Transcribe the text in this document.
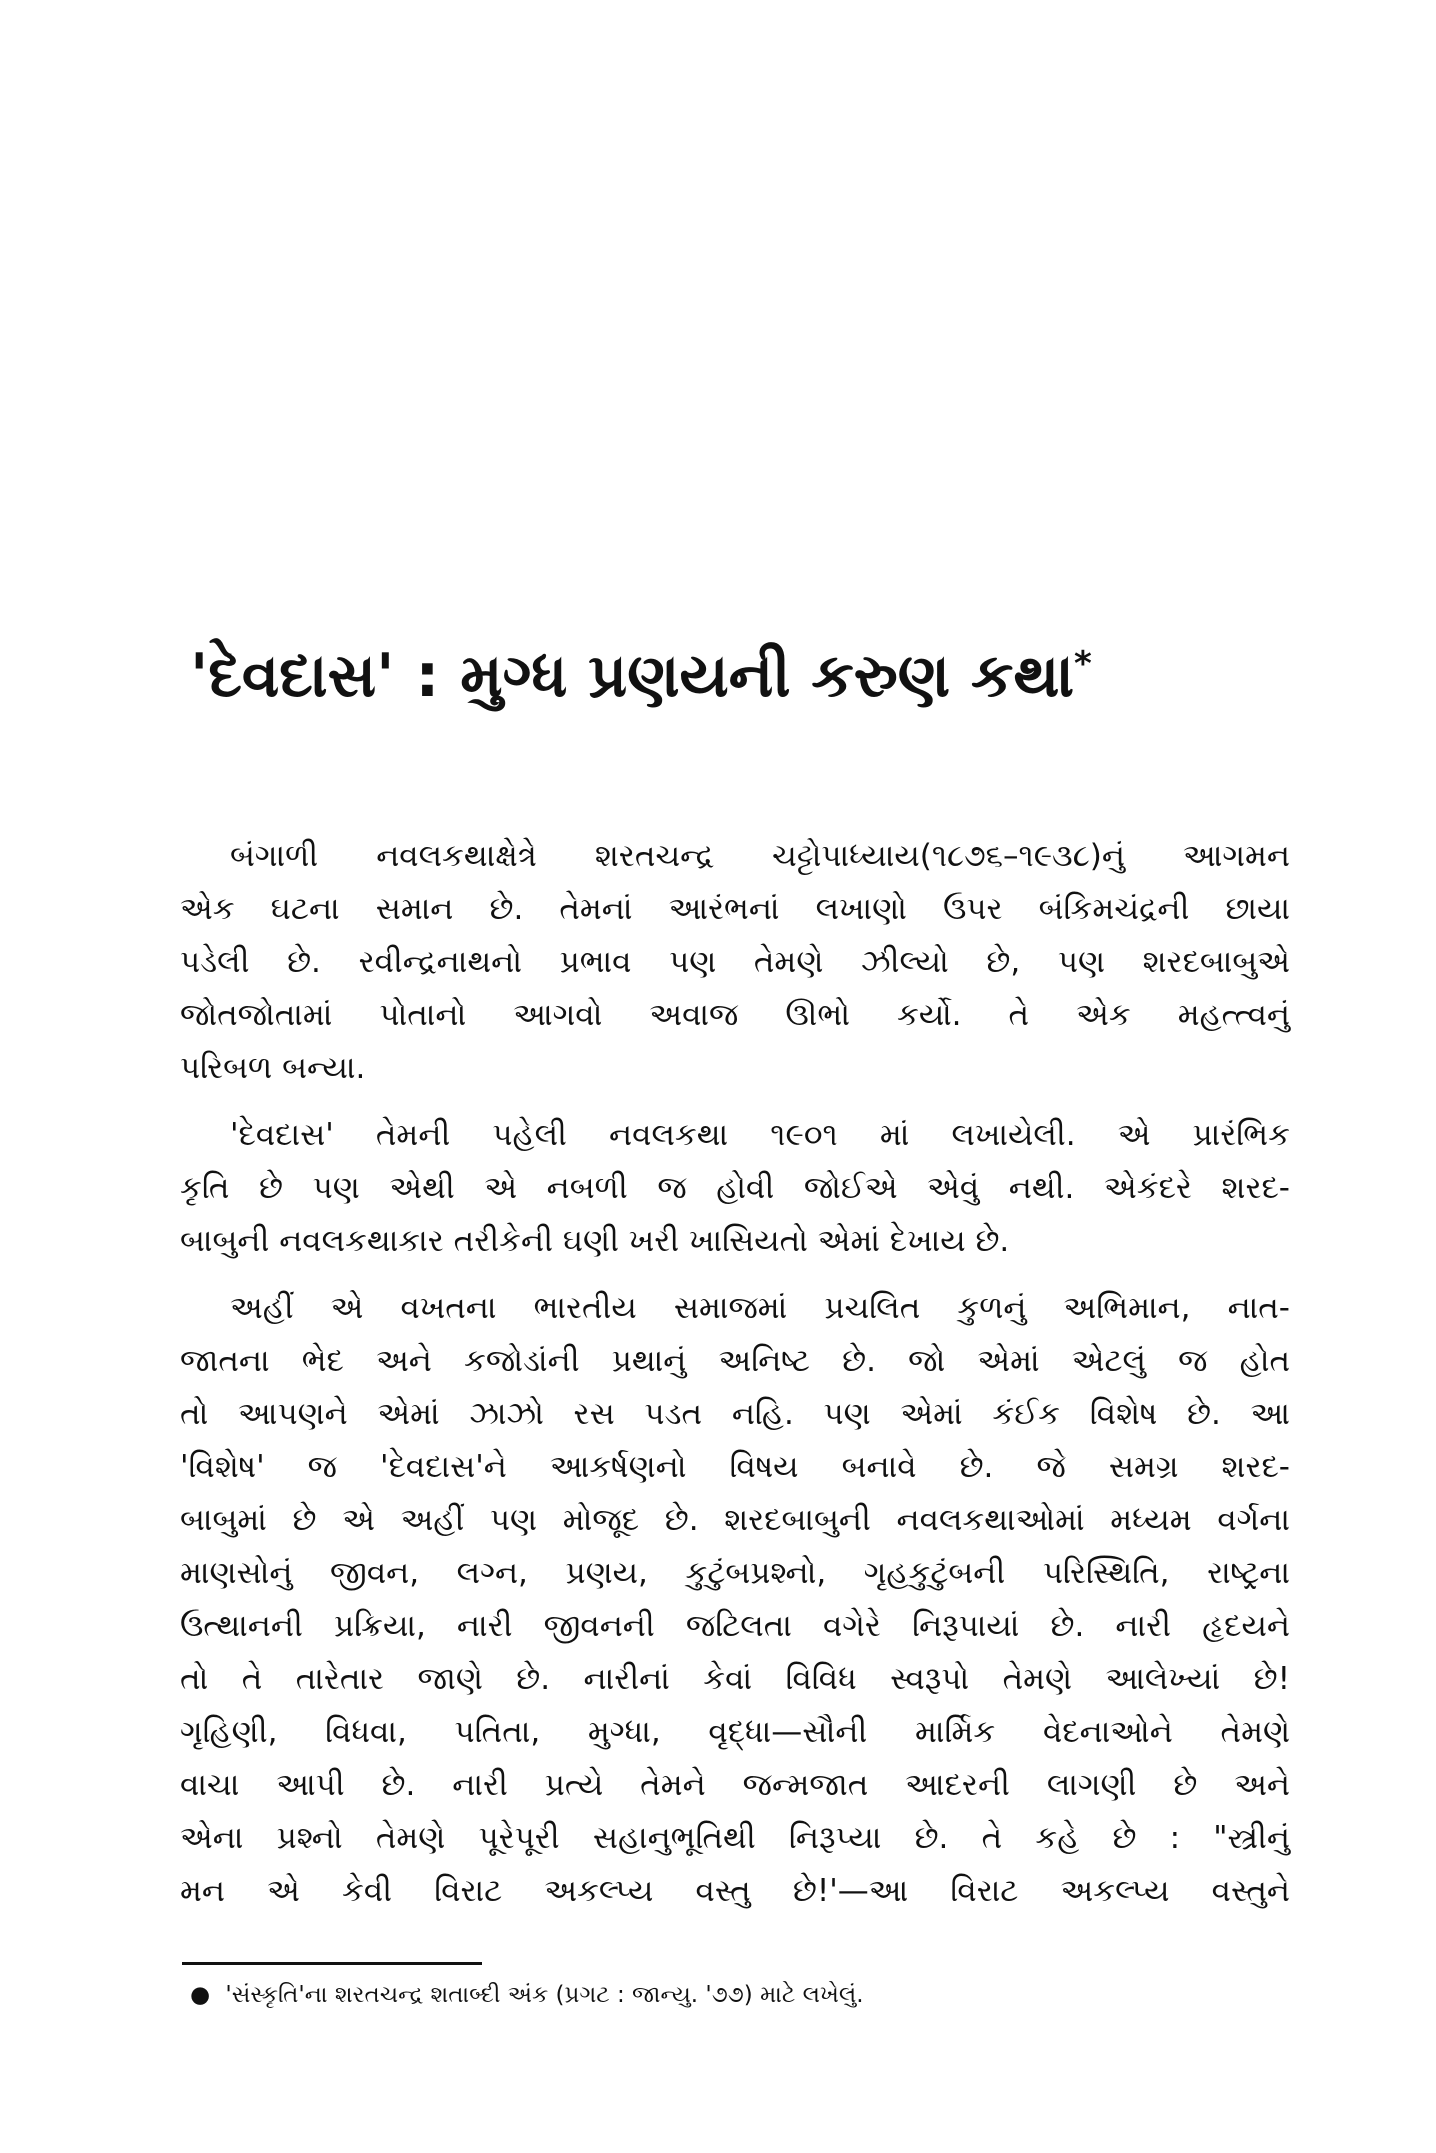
'દેવદાસ' : મુગ્ધ પ્રણયની કરુણ કથા*

બંગાળી નવલકથાક્ષેત્રે શરતચન્દ્ર ચટ્ટોપાધ્યાય(૧૮૭૬–૧૯૩૮)નું આગમન
એક ઘટના સમાન છે. તેમનાં આરંભનાં લખાણો ઉપર બંકિમચંદ્રની છાયા
પડેલી છે. રવીન્દ્રનાથનો પ્રભાવ પણ તેમણે ઝીલ્યો છે, પણ શરદબાબુએ
જોતજોતામાં પોતાનો આગવો અવાજ ઊભો કર્યો. તે એક મહત્ત્વનું
પરિબળ બન્યા.

'દેવદાસ' તેમની પહેલી નવલકથા ૧૯૦૧ માં લખાયેલી. એ પ્રારંભિક
કૃતિ છે પણ એથી એ નબળી જ હોવી જોઈએ એવું નથી. એકંદરે શરદ-
બાબુની નવલકથાકાર તરીકેની ઘણી ખરી ખાસિયતો એમાં દેખાય છે.

અહીં એ વખતના ભારતીય સમાજમાં પ્રચલિત કુળનું અભિમાન, નાત-
જાતના ભેદ અને કજોડાંની પ્રથાનું અનિષ્ટ છે. જો એમાં એટલું જ હોત
તો આપણને એમાં ઝાઝો રસ પડત નહિ. પણ એમાં કંઈક વિશેષ છે. આ
'વિશેષ' જ 'દેવદાસ'ને આકર્ષણનો વિષય બનાવે છે. જે સમગ્ર શરદ-
બાબુમાં છે એ અહીં પણ મોજૂદ છે. શરદબાબુની નવલકથાઓમાં મધ્યમ વર્ગના
માણસોનું જીવન, લગ્ન, પ્રણય, કુટુંબપ્રશ્નો, ગૃહકુટુંબની પરિસ્થિતિ, રાષ્ટ્રના
ઉત્થાનની પ્રક્રિયા, નારી જીવનની જટિલતા વગેરે નિરૂપાયાં છે. નારી હૃદયને
તો તે તારેતાર જાણે છે. નારીનાં કેવાં વિવિધ સ્વરૂપો તેમણે આલેખ્યાં છે!
ગૃહિણી, વિધવા, પતિતા, મુગ્ધા, વૃદ્ધા—સૌની માર્મિક વેદનાઓને તેમણે
વાચા આપી છે. નારી પ્રત્યે તેમને જન્મજાત આદરની લાગણી છે અને
એના પ્રશ્નો તેમણે પૂરેપૂરી સહાનુભૂતિથી નિરૂપ્યા છે. તે કહે છે : "સ્ત્રીનું
મન એ કેવી વિરાટ અકલ્પ્ય વસ્તુ છે!'—આ વિરાટ અકલ્પ્ય વસ્તુને

● 'સંસ્કૃતિ'ના શરતચન્દ્ર શતાબ્દી અંક (પ્રગટ : જાન્યુ. '૭૭) માટે લખેલું.
